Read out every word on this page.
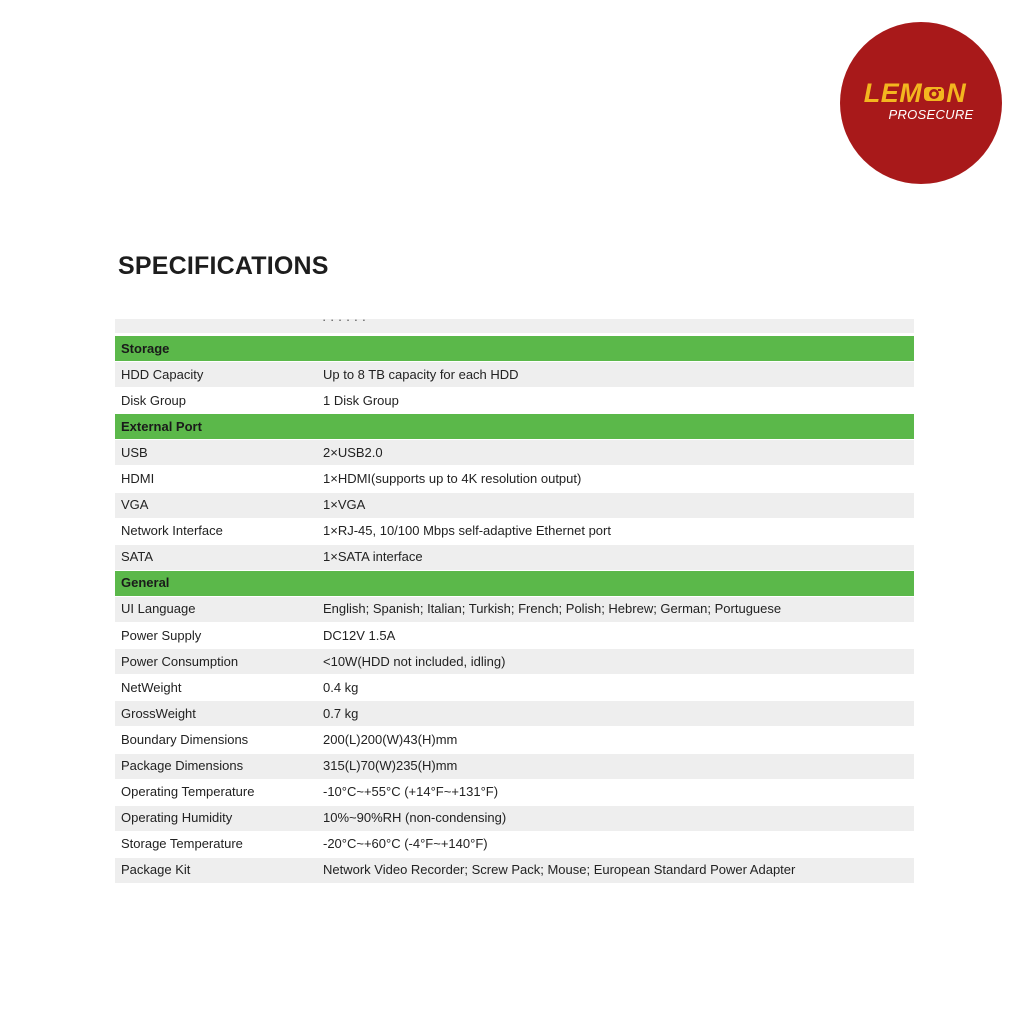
LEM N
PROSECURE
SPECIFICATIONS
· · · · · ·
Storage	
HDD Capacity	Up to 8 TB capacity for each HDD
Disk Group	1 Disk Group
External Port	
USB	2×USB2.0
HDMI	1×HDMI(supports up to 4K resolution output)
VGA	1×VGA
Network Interface	1×RJ-45, 10/100 Mbps self-adaptive Ethernet port
SATA	1×SATA interface
General	
UI Language	English; Spanish; Italian; Turkish; French; Polish; Hebrew; German; Portuguese
Power Supply	DC12V 1.5A
Power Consumption	<10W(HDD not included, idling)
NetWeight	0.4 kg
GrossWeight	0.7 kg
Boundary Dimensions	200(L)200(W)43(H)mm
Package Dimensions	315(L)70(W)235(H)mm
Operating Temperature	-10°C~+55°C (+14°F~+131°F)
Operating Humidity	10%~90%RH (non-condensing)
Storage Temperature	-20°C~+60°C (-4°F~+140°F)
Package Kit	Network Video Recorder; Screw Pack; Mouse; European Standard Power Adapter
